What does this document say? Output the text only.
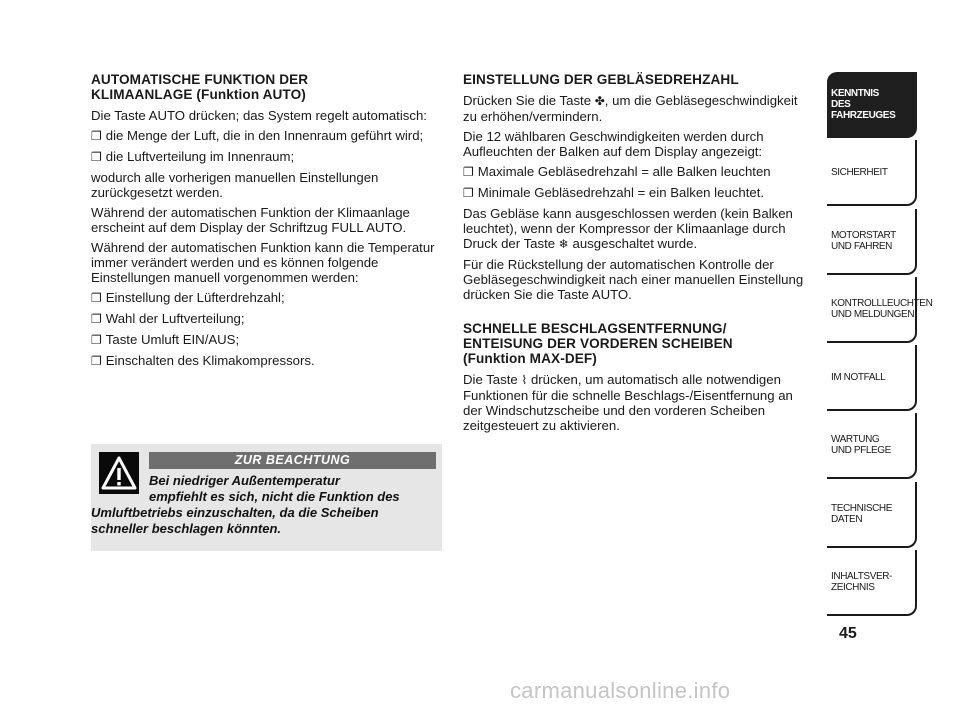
AUTOMATISCHE FUNKTION DER
KLIMAANLAGE (Funktion AUTO)
Die Taste AUTO drücken; das System regelt automatisch:
❐ die Menge der Luft, die in den Innenraum geführt wird;
❐ die Luftverteilung im Innenraum;
wodurch alle vorherigen manuellen Einstellungen zurückgesetzt werden.
Während der automatischen Funktion der Klimaanlage erscheint auf dem Display der Schriftzug FULL AUTO.
Während der automatischen Funktion kann die Temperatur immer verändert werden und es können folgende Einstellungen manuell vorgenommen werden:
❐ Einstellung der Lüfterdrehzahl;
❐ Wahl der Luftverteilung;
❐ Taste Umluft EIN/AUS;
❐ Einschalten des Klimakompressors.
ZUR BEACHTUNG
Bei niedriger Außentemperatur
empfiehlt es sich, nicht die Funktion des
Umluftbetriebs einzuschalten, da die Scheiben schneller beschlagen könnten.
EINSTELLUNG DER GEBLÄSEDREHZAHL
Drücken Sie die Taste ✤, um die Gebläsegeschwindigkeit zu erhöhen/vermindern.
Die 12 wählbaren Geschwindigkeiten werden durch Aufleuchten der Balken auf dem Display angezeigt:
❐ Maximale Gebläsedrehzahl = alle Balken leuchten
❐ Minimale Gebläsedrehzahl = ein Balken leuchtet.
Das Gebläse kann ausgeschlossen werden (kein Balken leuchtet), wenn der Kompressor der Klimaanlage durch Druck der Taste ❄ ausgeschaltet wurde.
Für die Rückstellung der automatischen Kontrolle der Gebläsegeschwindigkeit nach einer manuellen Einstellung drücken Sie die Taste AUTO.
SCHNELLE BESCHLAGSENTFERNUNG/
ENTEISUNG DER VORDEREN SCHEIBEN
(Funktion MAX-DEF)
Die Taste ⌇ drücken, um automatisch alle notwendigen Funktionen für die schnelle Beschlags-/Eisentfernung an der Windschutzscheibe und den vorderen Scheiben zeitgesteuert zu aktivieren.
KENNTNIS
DES FAHRZEUGES
SICHERHEIT
MOTORSTART
UND FAHREN
KONTROLLLEUCHTEN
UND MELDUNGEN
IM NOTFALL
WARTUNG
UND PFLEGE
TECHNISCHE
DATEN
INHALTSVER-
ZEICHNIS
45
carmanualsonline.info
